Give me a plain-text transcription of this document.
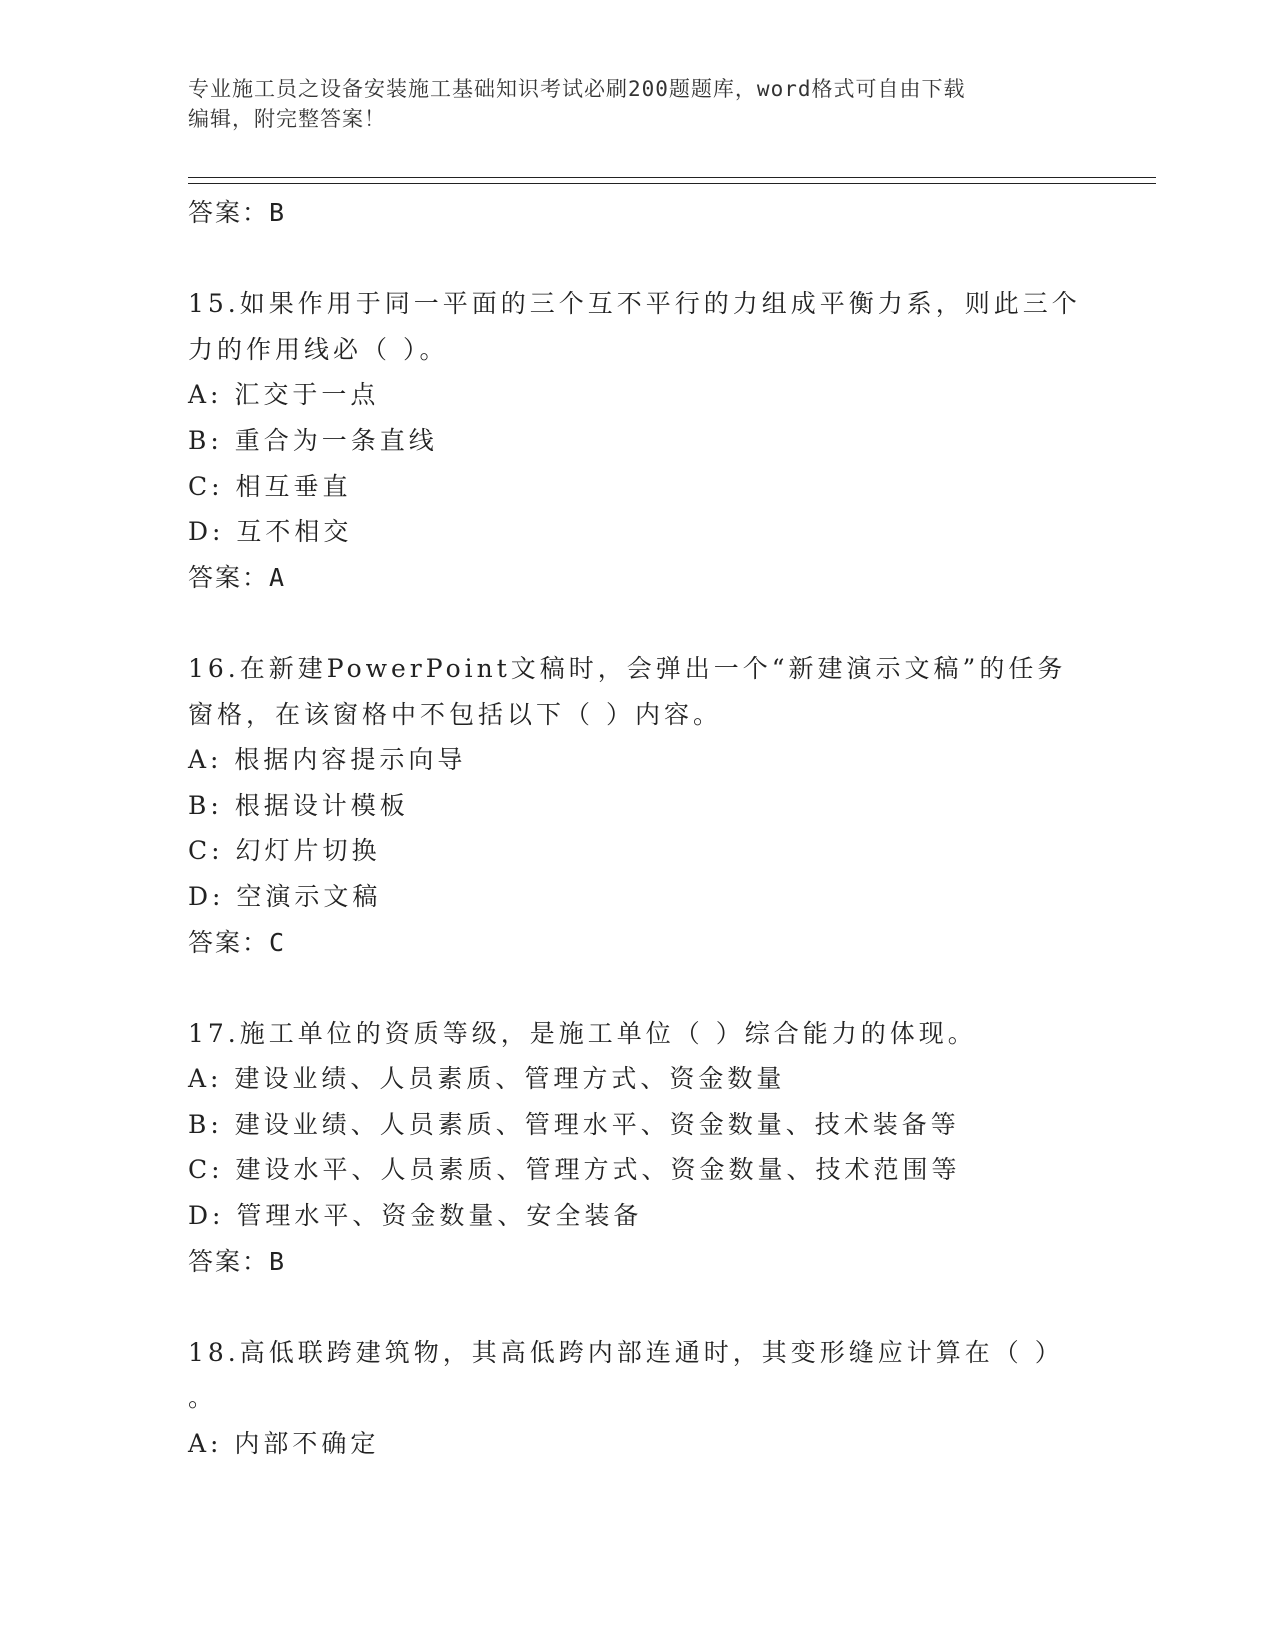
专业施工员之设备安装施工基础知识考试必刷200题题库，word格式可自由下载
编辑，附完整答案！
答案：B
15.如果作用于同一平面的三个互不平行的力组成平衡力系，则此三个
力的作用线必（ ）。
A: 汇交于一点
B: 重合为一条直线
C: 相互垂直
D: 互不相交
答案：A
16.在新建PowerPoint文稿时，会弹出一个“新建演示文稿”的任务
窗格，在该窗格中不包括以下（ ）内容。
A: 根据内容提示向导
B: 根据设计模板
C: 幻灯片切换
D: 空演示文稿
答案：C
17.施工单位的资质等级，是施工单位（ ）综合能力的体现。
A: 建设业绩、人员素质、管理方式、资金数量
B: 建设业绩、人员素质、管理水平、资金数量、技术装备等
C: 建设水平、人员素质、管理方式、资金数量、技术范围等
D: 管理水平、资金数量、安全装备
答案：B
18.高低联跨建筑物，其高低跨内部连通时，其变形缝应计算在（ ）
。
A: 内部不确定
